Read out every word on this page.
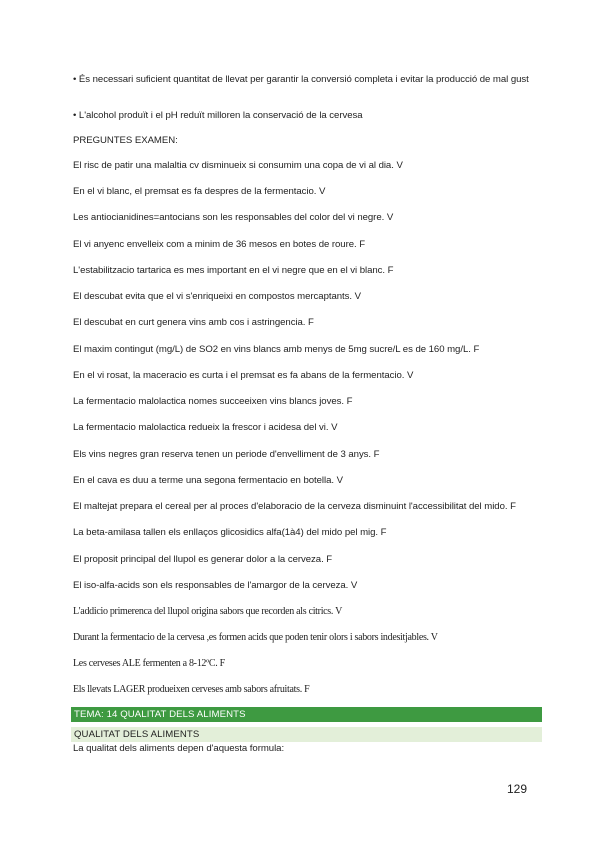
• És necessari suficient quantitat de llevat per garantir la conversió completa i evitar la producció de mal gust
• L'alcohol produït i el pH reduït milloren la conservació de la cervesa
PREGUNTES EXAMEN:
El risc de patir una malaltia cv disminueix si consumim una copa de vi al dia. V
En el vi blanc, el premsat es fa despres de la fermentacio. V
Les antiocianidines=antocians son les responsables del color del vi negre. V
El vi anyenc envelleix com a minim de 36 mesos en botes de roure. F
L'estabilitzacio tartarica es mes important en el vi negre que en el vi blanc. F
El descubat evita que el vi s'enriqueixi en compostos mercaptants. V
El descubat en curt genera vins amb cos i astringencia. F
El maxim contingut (mg/L) de SO2 en vins blancs amb menys de 5mg sucre/L es de 160 mg/L. F
En el vi rosat, la maceracio es curta i el premsat es fa abans de la fermentacio. V
La fermentacio malolactica nomes succeeixen vins blancs joves. F
La fermentacio malolactica redueix la frescor i acidesa del vi. V
Els vins negres gran reserva tenen un periode d'envelliment de 3 anys. F
En el cava es duu a terme una segona fermentacio en botella. V
El maltejat prepara el cereal per al proces d'elaboracio de la cerveza disminuint l'accessibilitat del mido. F
La beta-amilasa tallen els enllaços glicosidics alfa(1à4) del mido pel mig. F
El proposit principal del llupol es generar dolor a la cerveza. F
El iso-alfa-acids son els responsables de l'amargor de la cerveza. V
L'addicio primerenca del llupol origina sabors que recorden als citrics. V
Durant la fermentacio de la cervesa ,es formen acids que poden tenir olors i sabors indesitjables. V
Les cerveses ALE fermenten a 8-12ºC. F
Els llevats LAGER produeixen cerveses amb sabors afruitats. F
TEMA: 14 QUALITAT DELS ALIMENTS
QUALITAT DELS ALIMENTS
La qualitat dels aliments depen d'aquesta formula:
129
